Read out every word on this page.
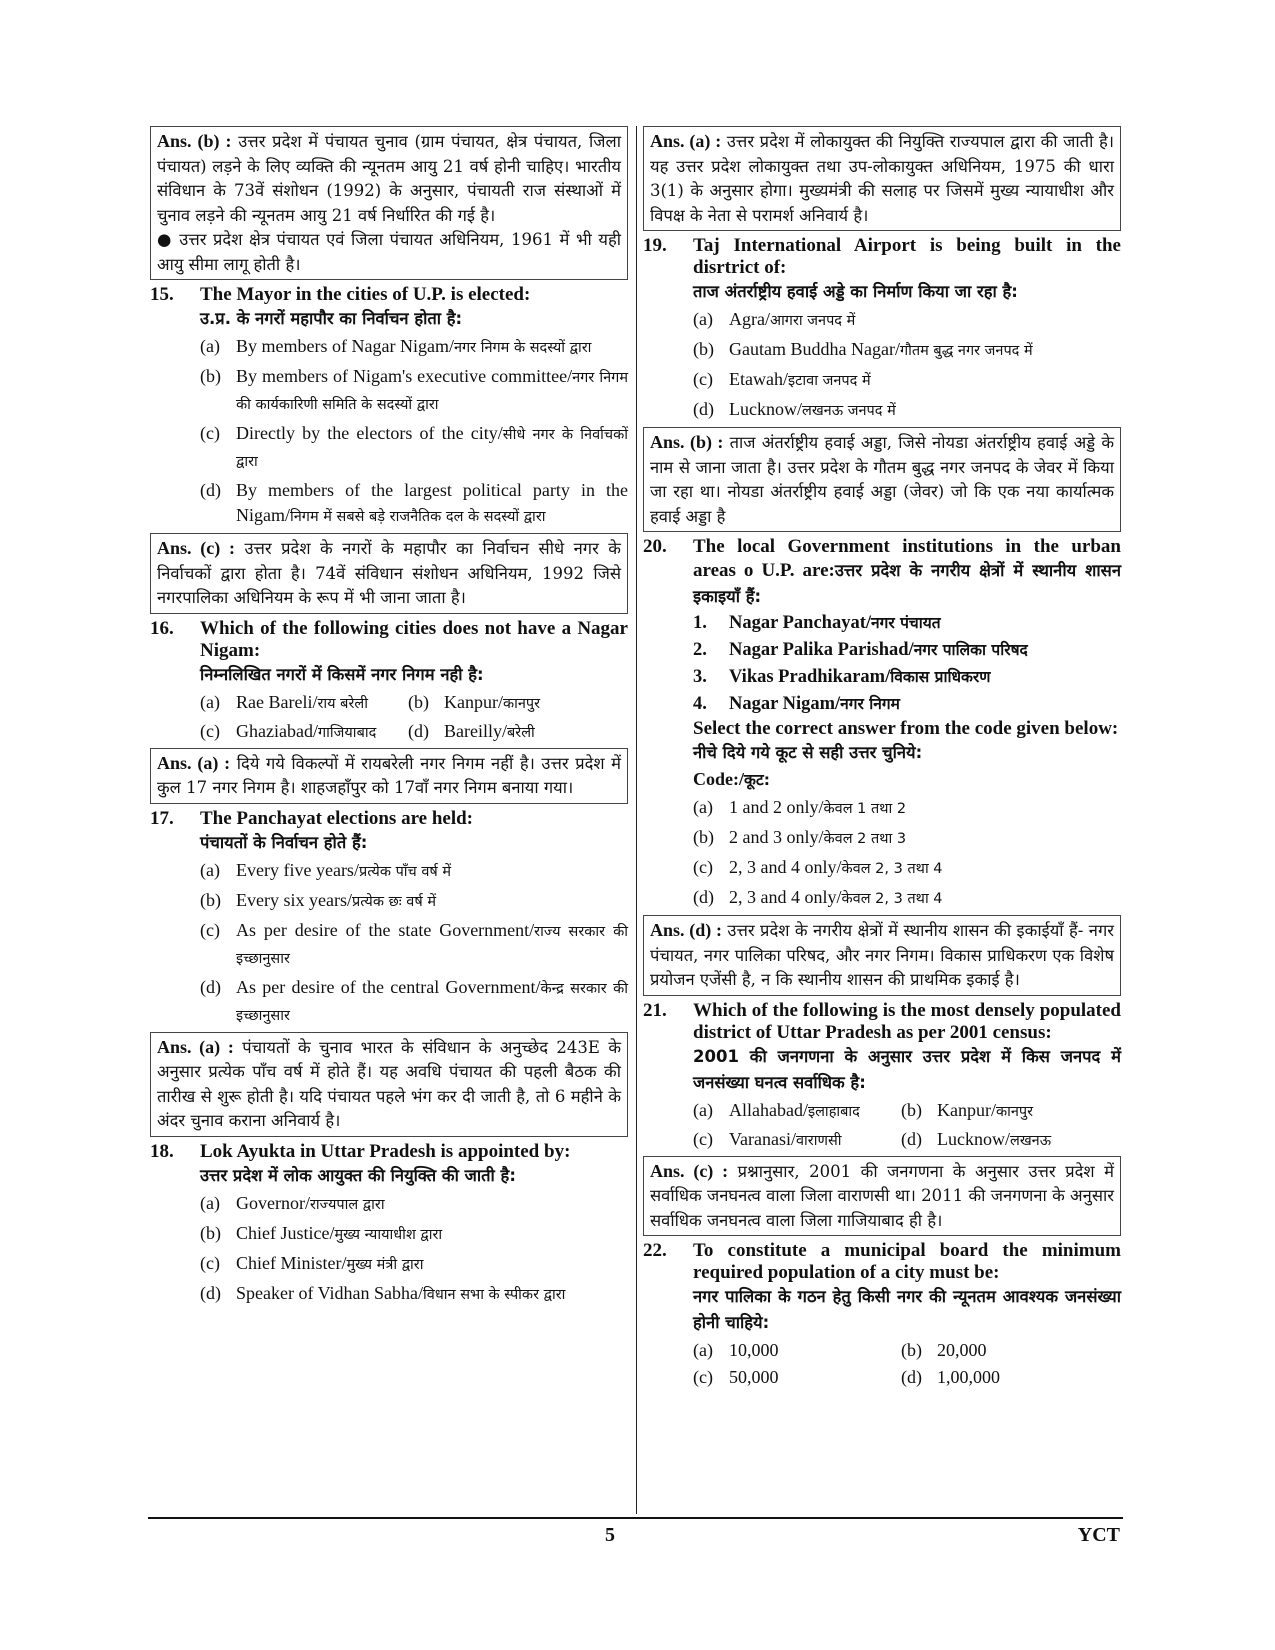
Ans. (b) : उत्तर प्रदेश में पंचायत चुनाव (ग्राम पंचायत, क्षेत्र पंचायत, जिला पंचायत) लड़ने के लिए व्यक्ति की न्यूनतम आयु 21 वर्ष होनी चाहिए। भारतीय संविधान के 73वें संशोधन (1992) के अनुसार, पंचायती राज संस्थाओं में चुनाव लड़ने की न्यूनतम आयु 21 वर्ष निर्धारित की गई है।

● उत्तर प्रदेश क्षेत्र पंचायत एवं जिला पंचायत अधिनियम, 1961 में भी यही आयु सीमा लागू होती है।

15.	The Mayor in the cities of U.P. is elected:

उ.प्र. के नगरों महापौर का निर्वाचन होता है:

(a) By members of Nagar Nigam/नगर निगम के सदस्यों द्वारा
(b) By members of Nigam's executive committee/नगर निगम की कार्यकारिणी समिति के सदस्यों द्वारा
(c) Directly by the electors of the city/सीधे नगर के निर्वाचकों द्वारा
(d) By members of the largest political party in the Nigam/निगम में सबसे बड़े राजनैतिक दल के सदस्यों द्वारा

Ans. (c) : उत्तर प्रदेश के नगरों के महापौर का निर्वाचन सीधे नगर के निर्वाचकों द्वारा होता है। 74वें संविधान संशोधन अधिनियम, 1992 जिसे नगरपालिका अधिनियम के रूप में भी जाना जाता है।

16.	Which of the following cities does not have a Nagar Nigam:

निम्नलिखित नगरों में किसमें नगर निगम नही है:

(a) Rae Bareli/राय बरेली	(b) Kanpur/कानपुर
(c) Ghaziabad/गाजियाबाद	(d) Bareilly/बरेली

Ans. (a) : दिये गये विकल्पों में रायबरेली नगर निगम नहीं है। उत्तर प्रदेश में कुल 17 नगर निगम है। शाहजहाँपुर को 17वाँ नगर निगम बनाया गया।

17.	The Panchayat elections are held:

पंचायतों के निर्वाचन होते हैं:

(a) Every five years/प्रत्येक पाँच वर्ष में
(b) Every six years/प्रत्येक छः वर्ष में
(c) As per desire of the state Government/राज्य सरकार की इच्छानुसार
(d) As per desire of the central Government/केन्द्र सरकार की इच्छानुसार

Ans. (a) : पंचायतों के चुनाव भारत के संविधान के अनुच्छेद 243E के अनुसार प्रत्येक पाँच वर्ष में होते हैं। यह अवधि पंचायत की पहली बैठक की तारीख से शुरू होती है। यदि पंचायत पहले भंग कर दी जाती है, तो 6 महीने के अंदर चुनाव कराना अनिवार्य है।

18.	Lok Ayukta in Uttar Pradesh is appointed by:

उत्तर प्रदेश में लोक आयुक्त की नियुक्ति की जाती है:

(a) Governor/राज्यपाल द्वारा
(b) Chief Justice/मुख्य न्यायाधीश द्वारा
(c) Chief Minister/मुख्य मंत्री द्वारा
(d) Speaker of Vidhan Sabha/विधान सभा के स्पीकर द्वारा

Ans. (a) : उत्तर प्रदेश में लोकायुक्त की नियुक्ति राज्यपाल द्वारा की जाती है। यह उत्तर प्रदेश लोकायुक्त तथा उप-लोकायुक्त अधिनियम, 1975 की धारा 3(1) के अनुसार होगा। मुख्यमंत्री की सलाह पर जिसमें मुख्य न्यायाधीश और विपक्ष के नेता से परामर्श अनिवार्य है।

19.	Taj International Airport is being built in the disrtrict of:

ताज अंतर्राष्ट्रीय हवाई अड्डे का निर्माण किया जा रहा है:

(a) Agra/आगरा जनपद में
(b) Gautam Buddha Nagar/गौतम बुद्ध नगर जनपद में
(c) Etawah/इटावा जनपद में
(d) Lucknow/लखनऊ जनपद में

Ans. (b) : ताज अंतर्राष्ट्रीय हवाई अड्डा, जिसे नोयडा अंतर्राष्ट्रीय हवाई अड्डे के नाम से जाना जाता है। उत्तर प्रदेश के गौतम बुद्ध नगर जनपद के जेवर में किया जा रहा था। नोयडा अंतर्राष्ट्रीय हवाई अड्डा (जेवर) जो कि एक नया कार्यात्मक हवाई अड्डा है

20.	The local Government institutions in the urban areas o U.P. are:उत्तर प्रदेश के नगरीय क्षेत्रों में स्थानीय शासन इकाइयाँ हैं:

1.	Nagar Panchayat/नगर पंचायत
2.	Nagar Palika Parishad/नगर पालिका परिषद
3.	Vikas Pradhikaram/विकास प्राधिकरण
4.	Nagar Nigam/नगर निगम

Select the correct answer from the code given below:

नीचे दिये गये कूट से सही उत्तर चुनिये:

Code:/कूट:
(a) 1 and 2 only/केवल 1 तथा 2
(b) 2 and 3 only/केवल 2 तथा 3
(c) 2, 3 and 4 only/केवल 2, 3 तथा 4
(d) 2, 3 and 4 only/केवल 2, 3 तथा 4

Ans. (d) : उत्तर प्रदेश के नगरीय क्षेत्रों में स्थानीय शासन की इकाईयाँ हैं- नगर पंचायत, नगर पालिका परिषद, और नगर निगम। विकास प्राधिकरण एक विशेष प्रयोजन एजेंसी है, न कि स्थानीय शासन की प्राथमिक इकाई है।

21.	Which of the following is the most densely populated district of Uttar Pradesh as per 2001 census:

2001 की जनगणना के अनुसार उत्तर प्रदेश में किस जनपद में जनसंख्या घनत्व सर्वाधिक है:

(a) Allahabad/इलाहाबाद	(b) Kanpur/कानपुर
(c) Varanasi/वाराणसी	(d) Lucknow/लखनऊ

Ans. (c) : प्रश्नानुसार, 2001 की जनगणना के अनुसार उत्तर प्रदेश में सर्वाधिक जनघनत्व वाला जिला वाराणसी था। 2011 की जनगणना के अनुसार सर्वाधिक जनघनत्व वाला जिला गाजियाबाद ही है।

22.	To constitute a municipal board the minimum required population of a city must be:

नगर पालिका के गठन हेतु किसी नगर की न्यूनतम आवश्यक जनसंख्या होनी चाहिये:

(a) 10,000	(b) 20,000
(c) 50,000	(d) 1,00,000
5	YCT
